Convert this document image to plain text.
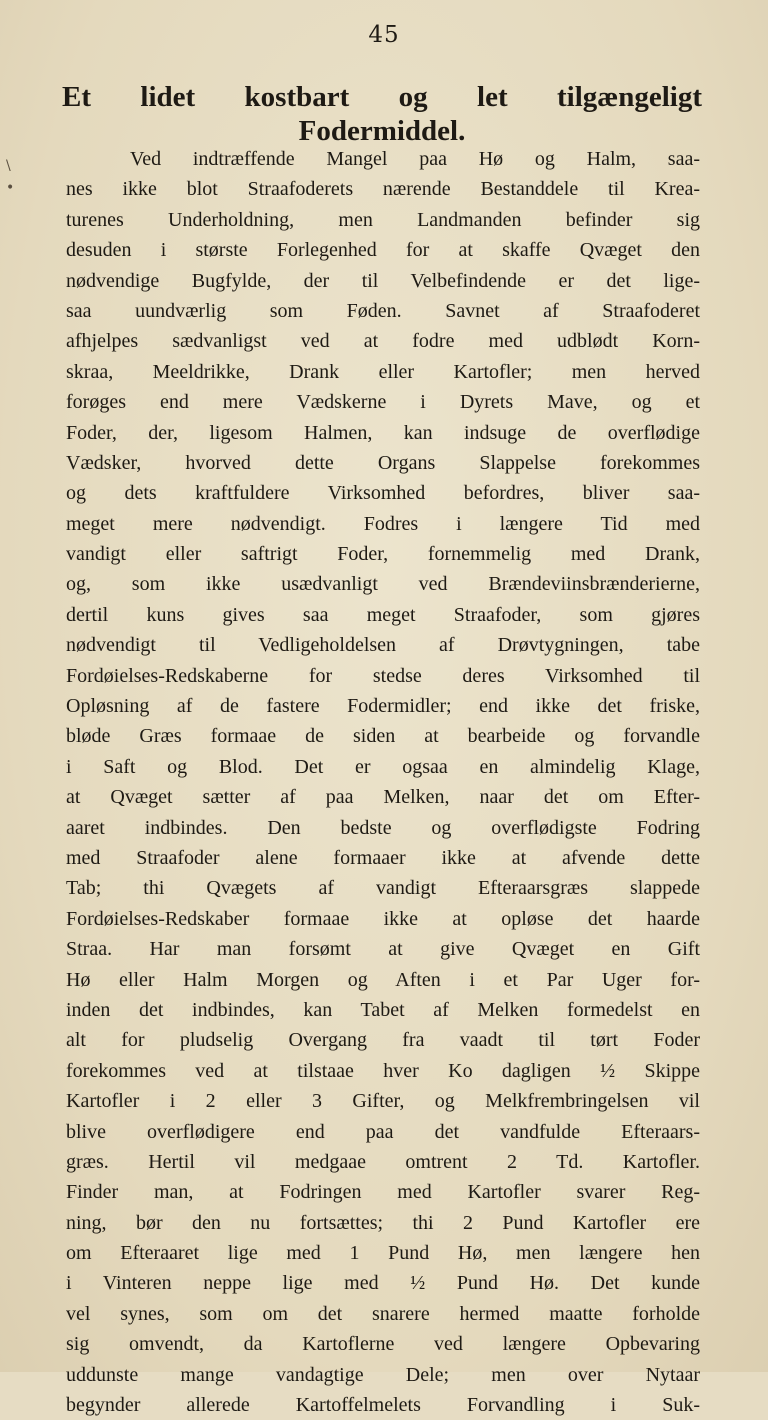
\
•
45
Et lidet kostbart og let tilgængeligt
Fodermiddel.
Ved indtræffende Mangel paa Hø og Halm, saa-
nes ikke blot Straafoderets nærende Bestanddele til Krea-
turenes Underholdning, men Landmanden befinder sig
desuden i største Forlegenhed for at skaffe Qvæget den
nødvendige Bugfylde, der til Velbefindende er det lige-
saa uundværlig som Føden. Savnet af Straafoderet
afhjelpes sædvanligst ved at fodre med udblødt Korn-
skraa, Meeldrikke, Drank eller Kartofler; men herved
forøges end mere Vædskerne i Dyrets Mave, og et
Foder, der, ligesom Halmen, kan indsuge de overflødige
Vædsker, hvorved dette Organs Slappelse forekommes
og dets kraftfuldere Virksomhed befordres, bliver saa-
meget mere nødvendigt. Fodres i længere Tid med
vandigt eller saftrigt Foder, fornemmelig med Drank,
og, som ikke usædvanligt ved Brændeviinsbrænderierne,
dertil kuns gives saa meget Straafoder, som gjøres
nødvendigt til Vedligeholdelsen af Drøvtygningen, tabe
Fordøielses-Redskaberne for stedse deres Virksomhed til
Opløsning af de fastere Fodermidler; end ikke det friske,
bløde Græs formaae de siden at bearbeide og forvandle
i Saft og Blod. Det er ogsaa en almindelig Klage,
at Qvæget sætter af paa Melken, naar det om Efter-
aaret indbindes. Den bedste og overflødigste Fodring
med Straafoder alene formaaer ikke at afvende dette
Tab; thi Qvægets af vandigt Efteraarsgræs slappede
Fordøielses-Redskaber formaae ikke at opløse det haarde
Straa. Har man forsømt at give Qvæget en Gift
Hø eller Halm Morgen og Aften i et Par Uger for-
inden det indbindes, kan Tabet af Melken formedelst en
alt for pludselig Overgang fra vaadt til tørt Foder
forekommes ved at tilstaae hver Ko dagligen ½ Skippe
Kartofler i 2 eller 3 Gifter, og Melkfrembringelsen vil
blive overflødigere end paa det vandfulde Efteraars-
græs. Hertil vil medgaae omtrent 2 Td. Kartofler.
Finder man, at Fodringen med Kartofler svarer Reg-
ning, bør den nu fortsættes; thi 2 Pund Kartofler ere
om Efteraaret lige med 1 Pund Hø, men længere hen
i Vinteren neppe lige med ½ Pund Hø. Det kunde
vel synes, som om det snarere hermed maatte forholde
sig omvendt, da Kartoflerne ved længere Opbevaring
uddunste mange vandagtige Dele; men over Nytaar
begynder allerede Kartoffelmelets Forvandling i Suk-
